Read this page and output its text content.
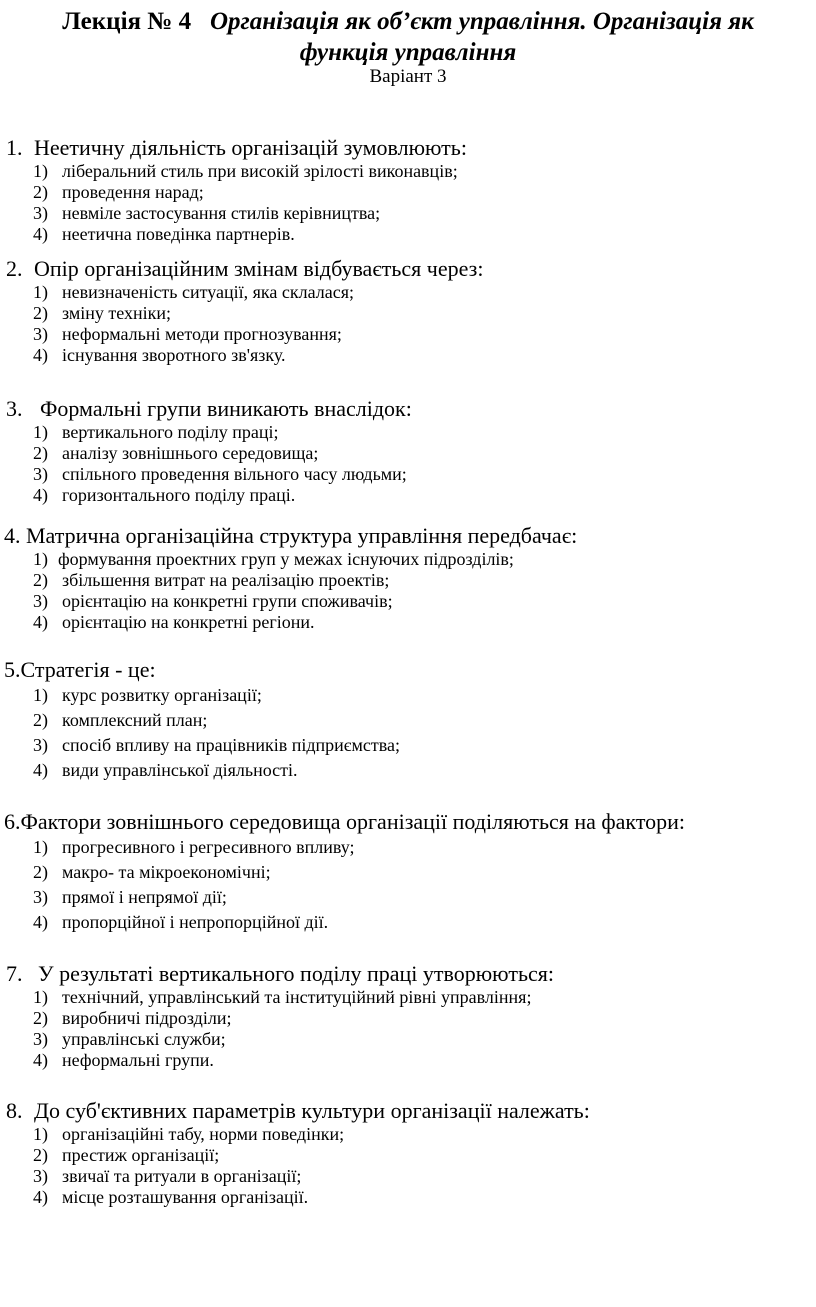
Лекція № 4 Організація як об’єкт управління. Організація як
функція управління
Варіант 3
1. Неетичну діяльність організацій зумовлюють:
1) ліберальний стиль при високій зрілості виконавців;
2) проведення нарад;
3) невміле застосування стилів керівництва;
4) неетична поведінка партнерів.
2. Опір організаційним змінам відбувається через:
1) невизначеність ситуації, яка склалася;
2) зміну техніки;
3) неформальні методи прогнозування;
4) існування зворотного зв'язку.
3. Формальні групи виникають внаслідок:
1) вертикального поділу праці;
2) аналізу зовнішнього середовища;
3) спільного проведення вільного часу людьми;
4) горизонтального поділу праці.
4. Матрична організаційна структура управління передбачає:
1) формування проектних груп у межах існуючих підрозділів;
2) збільшення витрат на реалізацію проектів;
3) орієнтацію на конкретні групи споживачів;
4) орієнтацію на конкретні регіони.
5.Стратегія - це:
1) курс розвитку організації;
2) комплексний план;
3) спосіб впливу на працівників підприємства;
4) види управлінської діяльності.
6.Фактори зовнішнього середовища організації поділяються на фактори:
1) прогресивного і регресивного впливу;
2) макро- та мікроекономічні;
3) прямої і непрямої дії;
4) пропорційної і непропорційної дії.
7. У результаті вертикального поділу праці утворюються:
1) технічний, управлінський та інституційний рівні управління;
2) виробничі підрозділи;
3) управлінські служби;
4) неформальні групи.
8. До суб'єктивних параметрів культури організації належать:
1) організаційні табу, норми поведінки;
2) престиж організації;
3) звичаї та ритуали в організації;
4) місце розташування організації.
